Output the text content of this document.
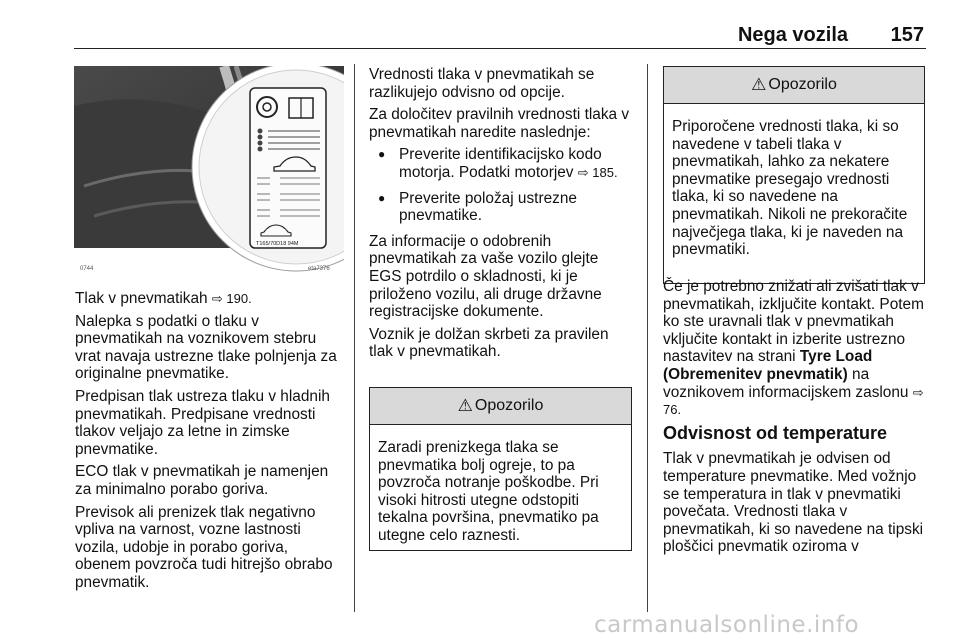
Nega vozila 157
T165/70D18 94M
eta7376
0744

Tlak v pnevmatikah ⇨ 190.

Nalepka s podatki o tlaku v pnevmatikah na voznikovem stebru vrat navaja ustrezne tlake polnjenja za originalne pnevmatike.

Predpisan tlak ustreza tlaku v hladnih pnevmatikah. Predpisane vrednosti tlakov veljajo za letne in zimske pnevmatike.

ECO tlak v pnevmatikah je namenjen za minimalno porabo goriva.

Previsok ali prenizek tlak negativno vpliva na varnost, vozne lastnosti vozila, udobje in porabo goriva, obenem povzroča tudi hitrejšo obrabo pnevmatik.

Vrednosti tlaka v pnevmatikah se razlikujejo odvisno od opcije.

Za določitev pravilnih vrednosti tlaka v pnevmatikah naredite naslednje:

● Preverite identifikacijsko kodo motorja. Podatki motorjev ⇨ 185.
● Preverite položaj ustrezne pnevmatike.

Za informacije o odobrenih pnevmatikah za vaše vozilo glejte EGS potrdilo o skladnosti, ki je priloženo vozilu, ali druge državne registracijske dokumente.

Voznik je dolžan skrbeti za pravilen tlak v pnevmatikah.

⚠ Opozorilo
Zaradi prenizkega tlaka se pnevmatika bolj ogreje, to pa povzroča notranje poškodbe. Pri visoki hitrosti utegne odstopiti tekalna površina, pnevmatiko pa utegne celo raznesti.
⚠ Opozorilo
Priporočene vrednosti tlaka, ki so navedene v tabeli tlaka v pnevmatikah, lahko za nekatere pnevmatike presegajo vrednosti tlaka, ki so navedene na pnevmatikah. Nikoli ne prekoračite največjega tlaka, ki je naveden na pnevmatiki.

Če je potrebno znižati ali zvišati tlak v pnevmatikah, izključite kontakt. Potem ko ste uravnali tlak v pnevmatikah vključite kontakt in izberite ustrezno nastavitev na strani Tyre Load (Obremenitev pnevmatik) na voznikovem informacijskem zaslonu ⇨ 76.

Odvisnost od temperature

Tlak v pnevmatikah je odvisen od temperature pnevmatike. Med vožnjo se temperatura in tlak v pnevmatiki povečata. Vrednosti tlaka v pnevmatikah, ki so navedene na tipski ploščici pnevmatik oziroma v

carmanualsonline.info
